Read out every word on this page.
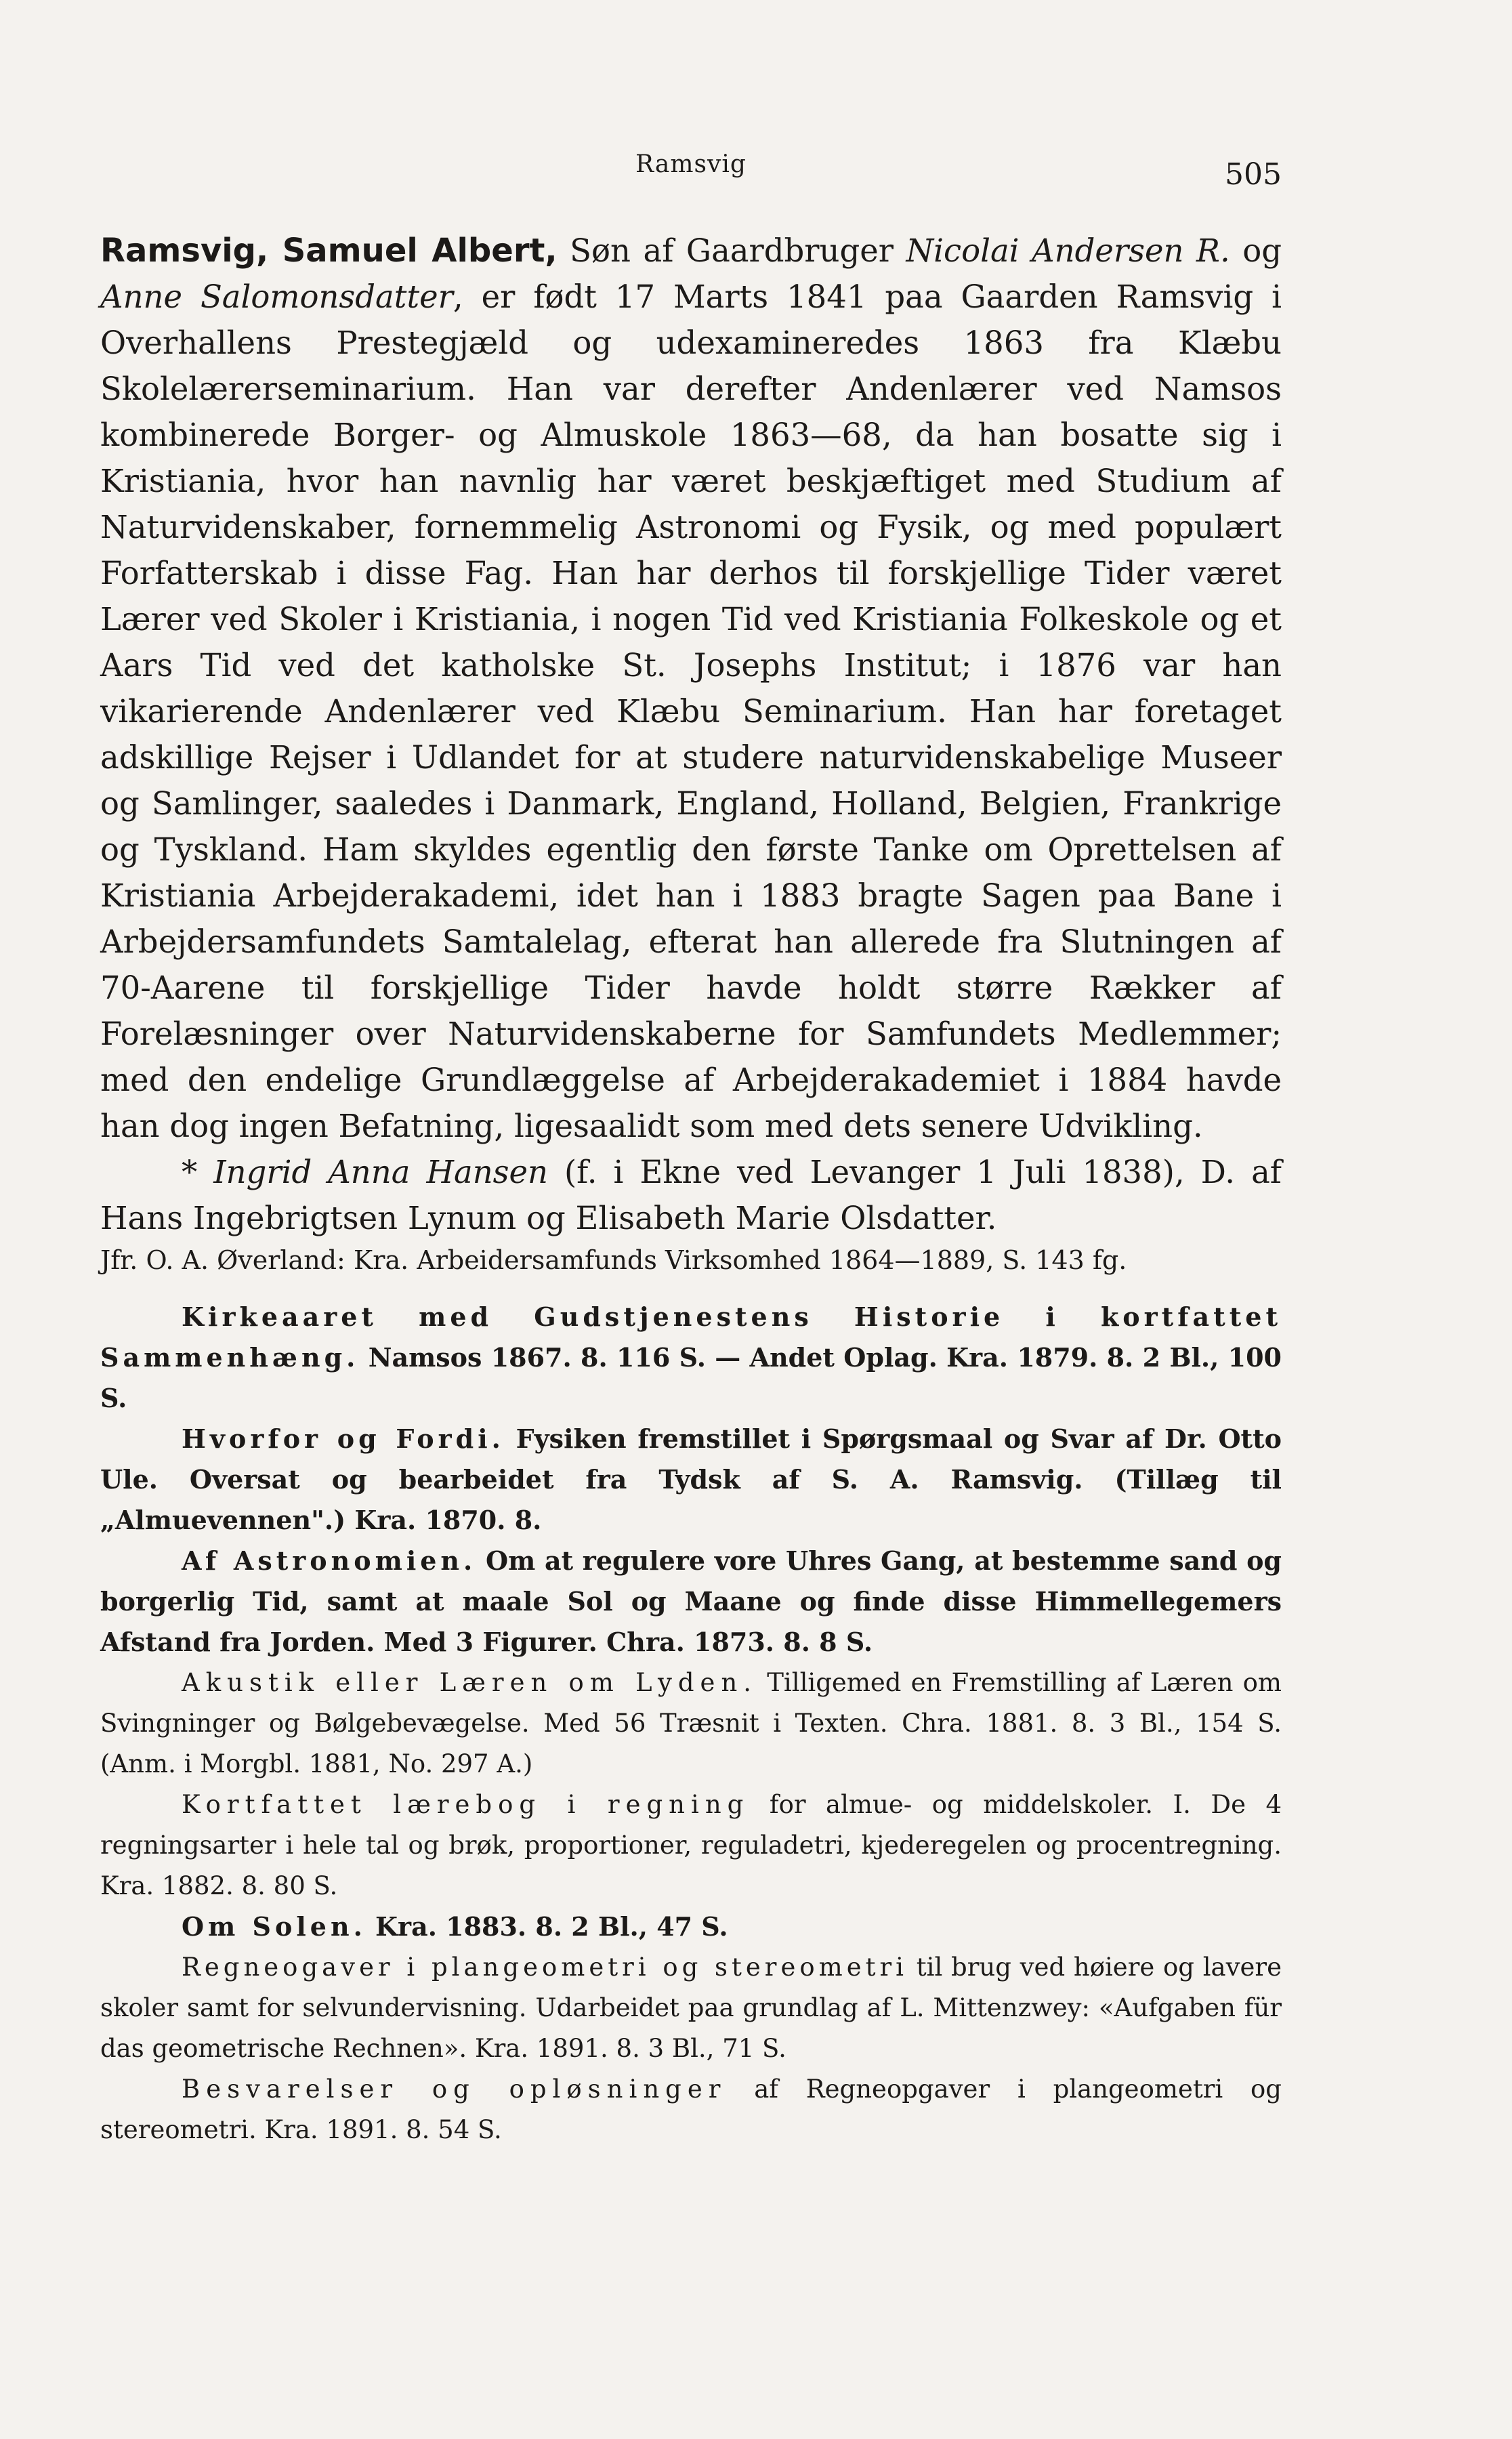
Ramsvig	505

Ramsvig, Samuel Albert, Søn af Gaardbruger Nicolai Andersen R. og Anne Salomonsdatter, er født 17 Marts 1841 paa Gaarden Ramsvig i Overhallens Prestegjæld og udexamineredes 1863 fra Klæbu Skolelærerseminarium. Han var derefter Andenlærer ved Namsos kombinerede Borger- og Almuskole 1863—68, da han bosatte sig i Kristiania, hvor han navnlig har været beskjæftiget med Studium af Naturvidenskaber, fornemmelig Astronomi og Fysik, og med populært Forfatterskab i disse Fag. Han har derhos til forskjellige Tider været Lærer ved Skoler i Kristiania, i nogen Tid ved Kristiania Folkeskole og et Aars Tid ved det katholske St. Josephs Institut; i 1876 var han vikarierende Andenlærer ved Klæbu Seminarium. Han har foretaget adskillige Rejser i Udlandet for at studere naturvidenskabelige Museer og Samlinger, saaledes i Danmark, England, Holland, Belgien, Frankrige og Tyskland. Ham skyldes egentlig den første Tanke om Oprettelsen af Kristiania Arbejderakademi, idet han i 1883 bragte Sagen paa Bane i Arbejdersamfundets Samtalelag, efterat han allerede fra Slutningen af 70-Aarene til forskjellige Tider havde holdt større Rækker af Forelæsninger over Naturvidenskaberne for Samfundets Medlemmer; med den endelige Grundlæggelse af Arbejderakademiet i 1884 havde han dog ingen Befatning, ligesaalidt som med dets senere Udvikling.

* Ingrid Anna Hansen (f. i Ekne ved Levanger 1 Juli 1838), D. af Hans Ingebrigtsen Lynum og Elisabeth Marie Olsdatter.

Jfr. O. A. Øverland: Kra. Arbeidersamfunds Virksomhed 1864—1889, S. 143 fg.

Kirkeaaret med Gudstjenestens Historie i kortfattet Sammenhæng. Namsos 1867. 8. 116 S. — Andet Oplag. Kra. 1879. 8. 2 Bl., 100 S.

Hvorfor og Fordi. Fysiken fremstillet i Spørgsmaal og Svar af Dr. Otto Ule. Oversat og bearbeidet fra Tydsk af S. A. Ramsvig. (Tillæg til „Almuevennen".) Kra. 1870. 8.

Af Astronomien. Om at regulere vore Uhres Gang, at bestemme sand og borgerlig Tid, samt at maale Sol og Maane og finde disse Himmellegemers Afstand fra Jorden. Med 3 Figurer. Chra. 1873. 8. 8 S.

Akustik eller Læren om Lyden. Tilligemed en Fremstilling af Læren om Svingninger og Bølgebevægelse. Med 56 Træsnit i Texten. Chra. 1881. 8. 3 Bl., 154 S. (Anm. i Morgbl. 1881, No. 297 A.)

Kortfattet lærebog i regning for almue- og middelskoler. I. De 4 regningsarter i hele tal og brøk, proportioner, reguladetri, kjederegelen og procentregning. Kra. 1882. 8. 80 S.

Om Solen. Kra. 1883. 8. 2 Bl., 47 S.

Regneogaver i plangeometri og stereometri til brug ved høiere og lavere skoler samt for selvundervisning. Udarbeidet paa grundlag af L. Mittenzwey: «Aufgaben für das geometrische Rechnen». Kra. 1891. 8. 3 Bl., 71 S.

Besvarelser og opløsninger af Regneopgaver i plangeometri og stereometri. Kra. 1891. 8. 54 S.
